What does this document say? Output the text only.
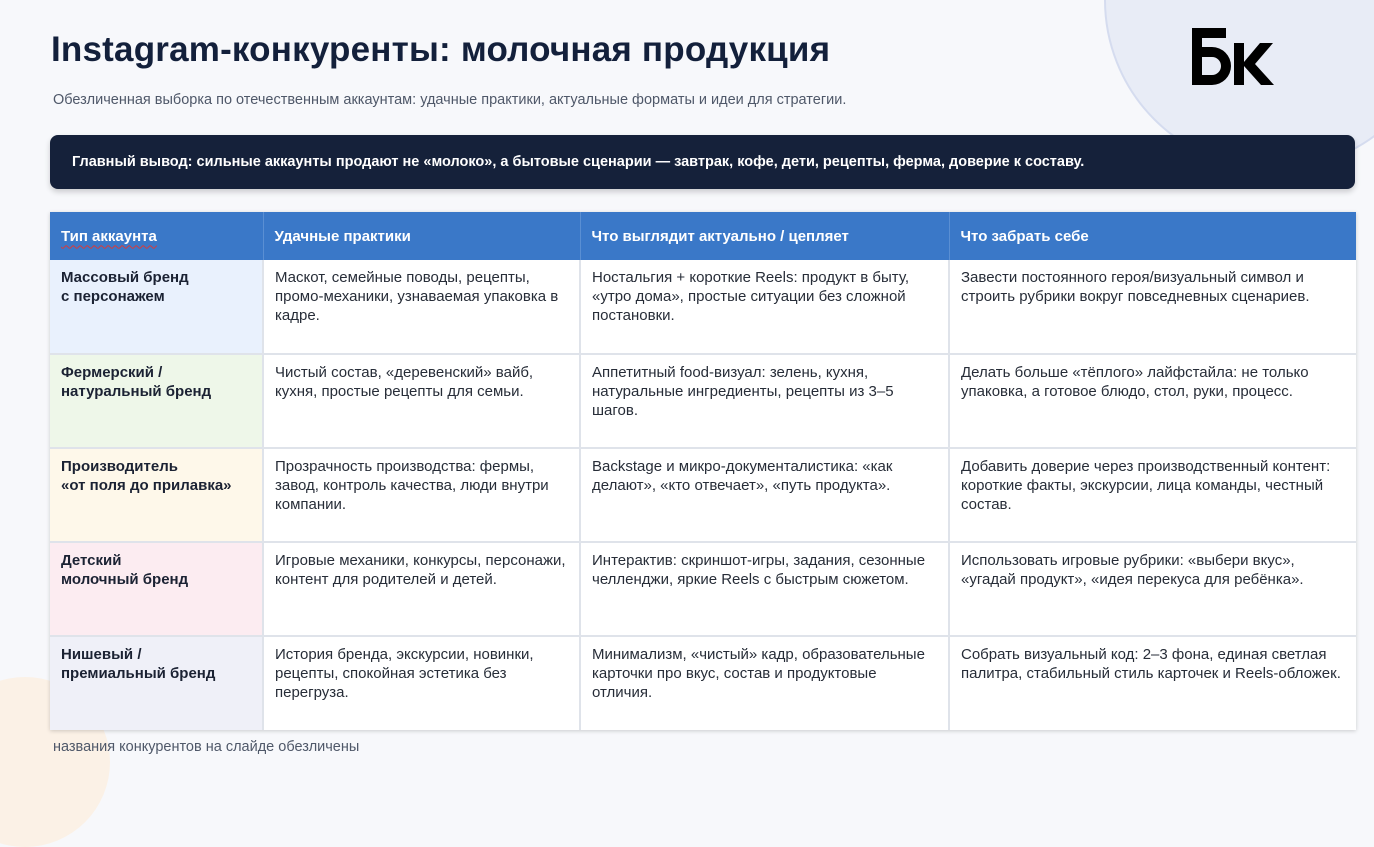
Instagram-конкуренты: молочная продукция

Обезличенная выборка по отечественным аккаунтам: удачные практики, актуальные форматы и идеи для стратегии.

Главный вывод: сильные аккаунты продают не «молоко», а бытовые сценарии — завтрак, кофе, дети, рецепты, ферма, доверие к составу.
Тип аккаунта	Удачные практики	Что выглядит актуально / цепляет	Что забрать себе
Массовый бренд
с персонажем	Маскот, семейные поводы, рецепты, промо-механики, узнаваемая упаковка в кадре.	Ностальгия + короткие Reels: продукт в быту, «утро дома», простые ситуации без сложной постановки.	Завести постоянного героя/визуальный символ и строить рубрики вокруг повседневных сценариев.
Фермерский /
натуральный бренд	Чистый состав, «деревенский» вайб, кухня, простые рецепты для семьи.	Аппетитный food-визуал: зелень, кухня, натуральные ингредиенты, рецепты из 3–5 шагов.	Делать больше «тёплого» лайфстайла: не только упаковка, а готовое блюдо, стол, руки, процесс.
Производитель
«от поля до прилавка»	Прозрачность производства: фермы, завод, контроль качества, люди внутри компании.	Backstage и микро-документалистика: «как делают», «кто отвечает», «путь продукта».	Добавить доверие через производственный контент: короткие факты, экскурсии, лица команды, честный состав.
Детский
молочный бренд	Игровые механики, конкурсы, персонажи, контент для родителей и детей.	Интерактив: скриншот-игры, задания, сезонные челленджи, яркие Reels с быстрым сюжетом.	Использовать игровые рубрики: «выбери вкус», «угадай продукт», «идея перекуса для ребёнка».
Нишевый /
премиальный бренд	История бренда, экскурсии, новинки, рецепты, спокойная эстетика без перегруза.	Минимализм, «чистый» кадр, образовательные карточки про вкус, состав и продуктовые отличия.	Собрать визуальный код: 2–3 фона, единая светлая палитра, стабильный стиль карточек и Reels-обложек.

названия конкурентов на слайде обезличены
